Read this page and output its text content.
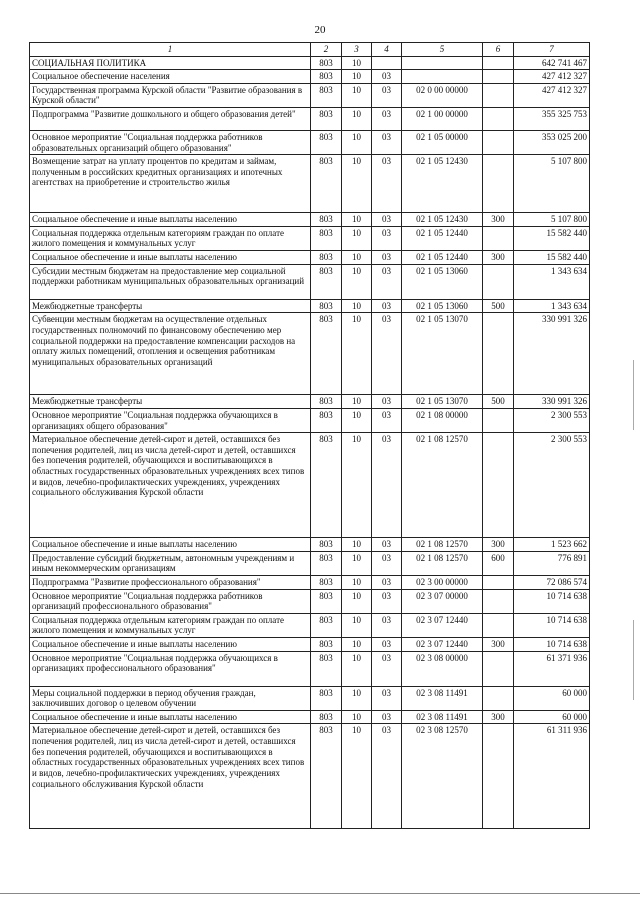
20
1	2	3	4	5	6	7
СОЦИАЛЬНАЯ ПОЛИТИКА	803	10				642 741 467
Социальное обеспечение населения	803	10	03			427 412 327
Государственная программа Курской области "Развитие образования в Курской области"	803	10	03	02 0 00 00000		427 412 327
Подпрограмма "Развитие дошкольного и общего образования детей"	803	10	03	02 1 00 00000		355 325 753
Основное мероприятие "Социальная поддержка работников образовательных организаций общего образования"	803	10	03	02 1 05 00000		353 025 200
Возмещение затрат на уплату процентов по кредитам и займам, полученным в российских кредитных организациях и ипотечных агентствах на приобретение и строительство жилья	803	10	03	02 1 05 12430		5 107 800
Социальное обеспечение и иные выплаты населению	803	10	03	02 1 05 12430	300	5 107 800
Социальная поддержка отдельным категориям граждан по оплате жилого помещения и коммунальных услуг	803	10	03	02 1 05 12440		15 582 440
Социальное обеспечение и иные выплаты населению	803	10	03	02 1 05 12440	300	15 582 440
Субсидии местным бюджетам на предоставление мер социальной поддержки работникам муниципальных образовательных организаций	803	10	03	02 1 05 13060		1 343 634
Межбюджетные трансферты	803	10	03	02 1 05 13060	500	1 343 634
Субвенции местным бюджетам на осуществление отдельных государственных полномочий по финансовому обеспечению мер социальной поддержки на предоставление компенсации расходов на оплату жилых помещений, отопления и освещения работникам муниципальных образовательных организаций	803	10	03	02 1 05 13070		330 991 326
Межбюджетные трансферты	803	10	03	02 1 05 13070	500	330 991 326
Основное мероприятие "Социальная поддержка обучающихся в организациях общего образования"	803	10	03	02 1 08 00000		2 300 553
Материальное обеспечение детей-сирот и детей, оставшихся без попечения родителей, лиц из числа детей-сирот и детей, оставшихся без попечения родителей, обучающихся и воспитывающихся в областных государственных образовательных учреждениях всех типов и видов, лечебно-профилактических учреждениях, учреждениях социального обслуживания Курской области	803	10	03	02 1 08 12570		2 300 553
Социальное обеспечение и иные выплаты населению	803	10	03	02 1 08 12570	300	1 523 662
Предоставление субсидий бюджетным, автономным учреждениям и иным некоммерческим организациям	803	10	03	02 1 08 12570	600	776 891
Подпрограмма "Развитие профессионального образования"	803	10	03	02 3 00 00000		72 086 574
Основное мероприятие "Социальная поддержка работников организаций профессионального образования"	803	10	03	02 3 07 00000		10 714 638
Социальная поддержка отдельным категориям граждан по оплате жилого помещения и коммунальных услуг	803	10	03	02 3 07 12440		10 714 638
Социальное обеспечение и иные выплаты населению	803	10	03	02 3 07 12440	300	10 714 638
Основное мероприятие "Социальная поддержка обучающихся в организациях профессионального образования"	803	10	03	02 3 08 00000		61 371 936
Меры социальной поддержки в период обучения граждан, заключивших договор о целевом обучении	803	10	03	02 3 08 11491		60 000
Социальное обеспечение и иные выплаты населению	803	10	03	02 3 08 11491	300	60 000
Материальное обеспечение детей-сирот и детей, оставшихся без попечения родителей, лиц из числа детей-сирот и детей, оставшихся без попечения родителей, обучающихся и воспитывающихся в областных государственных образовательных учреждениях всех типов и видов, лечебно-профилактических учреждениях, учреждениях социального обслуживания Курской области	803	10	03	02 3 08 12570		61 311 936
